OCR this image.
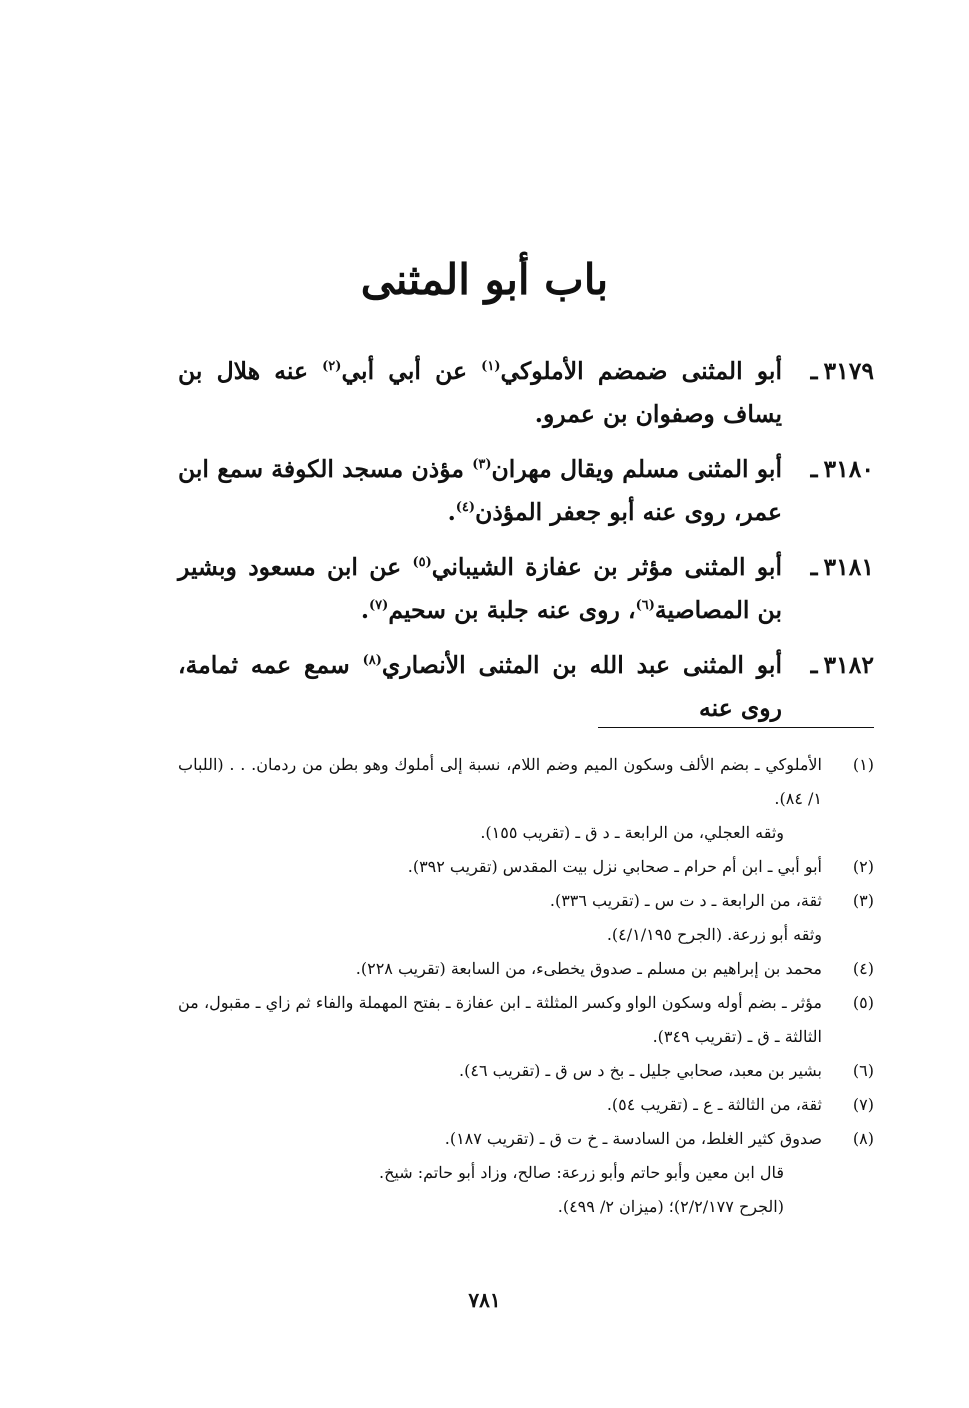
باب أبو المثنى
٣١٧٩ـ
أبو المثنى ضمضم الأملوكي$^{(١)}$ عن أبي أبي$^{(٢)}$ عنه هلال بن يساف وصفوان بن عمرو.
٣١٨٠ـ
أبو المثنى مسلم ويقال مهران$^{(٣)}$ مؤذن مسجد الكوفة سمع ابن عمر، روى عنه أبو جعفر المؤذن$^{(٤)}$.
٣١٨١ـ
أبو المثنى مؤثر بن عفازة الشيباني$^{(٥)}$ عن ابن مسعود وبشير بن المصاصية$^{(٦)}$، روى عنه جلبة بن سحيم$^{(٧)}$.
٣١٨٢ـ
أبو المثنى عبد الله بن المثنى الأنصاري$^{(٨)}$ سمع عمه ثمامة، روى عنه
(١)
الأملوكي ـ بضم الألف وسكون الميم وضم اللام، نسبة إلى أملوك وهو بطن من ردمان. . . (اللباب ١/ ٨٤).
وثقه العجلي، من الرابعة ـ د ق ـ (تقريب ١٥٥).
(٢)
أبو أبي ـ ابن أم حرام ـ صحابي نزل بيت المقدس (تقريب ٣٩٢).
(٣)
ثقة، من الرابعة ـ د ت س ـ (تقريب ٣٣٦).
وثقه أبو زرعة. (الجرح ٤/١/١٩٥).
(٤)
محمد بن إبراهيم بن مسلم ـ صدوق يخطىء، من السابعة (تقريب ٢٢٨).
(٥)
مؤثر ـ بضم أوله وسكون الواو وكسر المثلثة ـ ابن عفازة ـ بفتح المهملة والفاء ثم زاي ـ مقبول، من الثالثة ـ ق ـ (تقريب ٣٤٩).
(٦)
بشير بن معبد، صحابي جليل ـ بخ د س ق ـ (تقريب ٤٦).
(٧)
ثقة، من الثالثة ـ ع ـ (تقريب ٥٤).
(٨)
صدوق كثير الغلط، من السادسة ـ خ ت ق ـ (تقريب ١٨٧).
قال ابن معين وأبو حاتم وأبو زرعة: صالح، وزاد أبو حاتم: شيخ.
(الجرح ٢/٢/١٧٧)؛ (ميزان ٢/ ٤٩٩).
٧٨١
